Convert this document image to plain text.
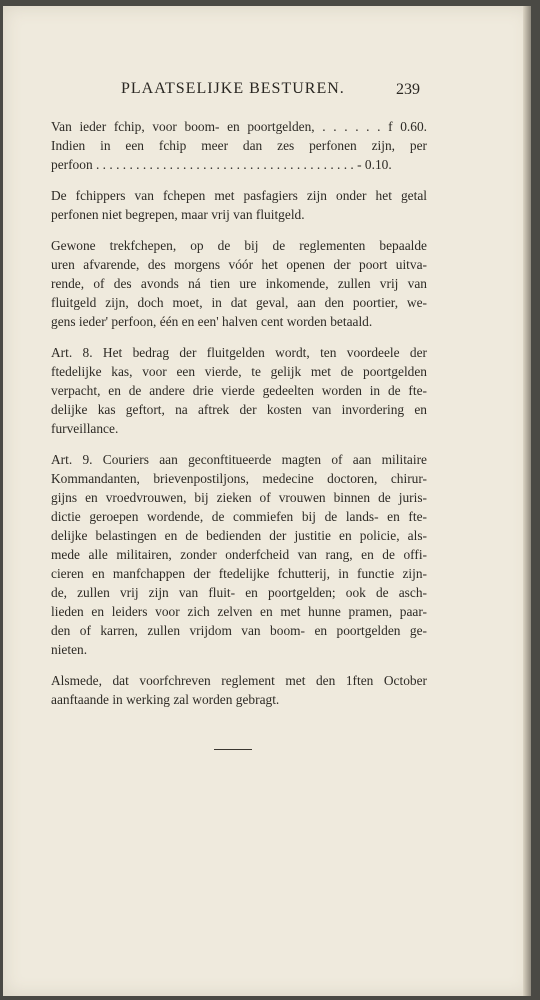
PLAATSELIJKE BESTUREN.	239

Van ieder fchip, voor boom- en poortgelden, . . . . . . f 0.60.
Indien in een fchip meer dan zes perfonen zijn, per
perfoon . . . . . . . . . . . . . . . . . . . . . . . . . . . . . . . . . . . . . . . - 0.10.

De fchippers van fchepen met pasfagiers zijn onder het getal
perfonen niet begrepen, maar vrij van fluitgeld.

Gewone trekfchepen, op de bij de reglementen bepaalde
uren afvarende, des morgens vóór het openen der poort uitva-
rende, of des avonds ná tien ure inkomende, zullen vrij van
fluitgeld zijn, doch moet, in dat geval, aan den poortier, we-
gens ieder' perfoon, één en een' halven cent worden betaald.

Art. 8. Het bedrag der fluitgelden wordt, ten voordeele der
ftedelijke kas, voor een vierde, te gelijk met de poortgelden
verpacht, en de andere drie vierde gedeelten worden in de fte-
delijke kas geftort, na aftrek der kosten van invordering en
furveillance.

Art. 9. Couriers aan geconftitueerde magten of aan militaire
Kommandanten, brievenpostiljons, medecine doctoren, chirur-
gijns en vroedvrouwen, bij zieken of vrouwen binnen de juris-
dictie geroepen wordende, de commiefen bij de lands- en fte-
delijke belastingen en de bedienden der justitie en policie, als-
mede alle militairen, zonder onderfcheid van rang, en de offi-
cieren en manfchappen der ftedelijke fchutterij, in functie zijn-
de, zullen vrij zijn van fluit- en poortgelden; ook de asch-
lieden en leiders voor zich zelven en met hunne pramen, paar-
den of karren, zullen vrijdom van boom- en poortgelden ge-
nieten.

Alsmede, dat voorfchreven reglement met den 1ften October
aanftaande in werking zal worden gebragt.
